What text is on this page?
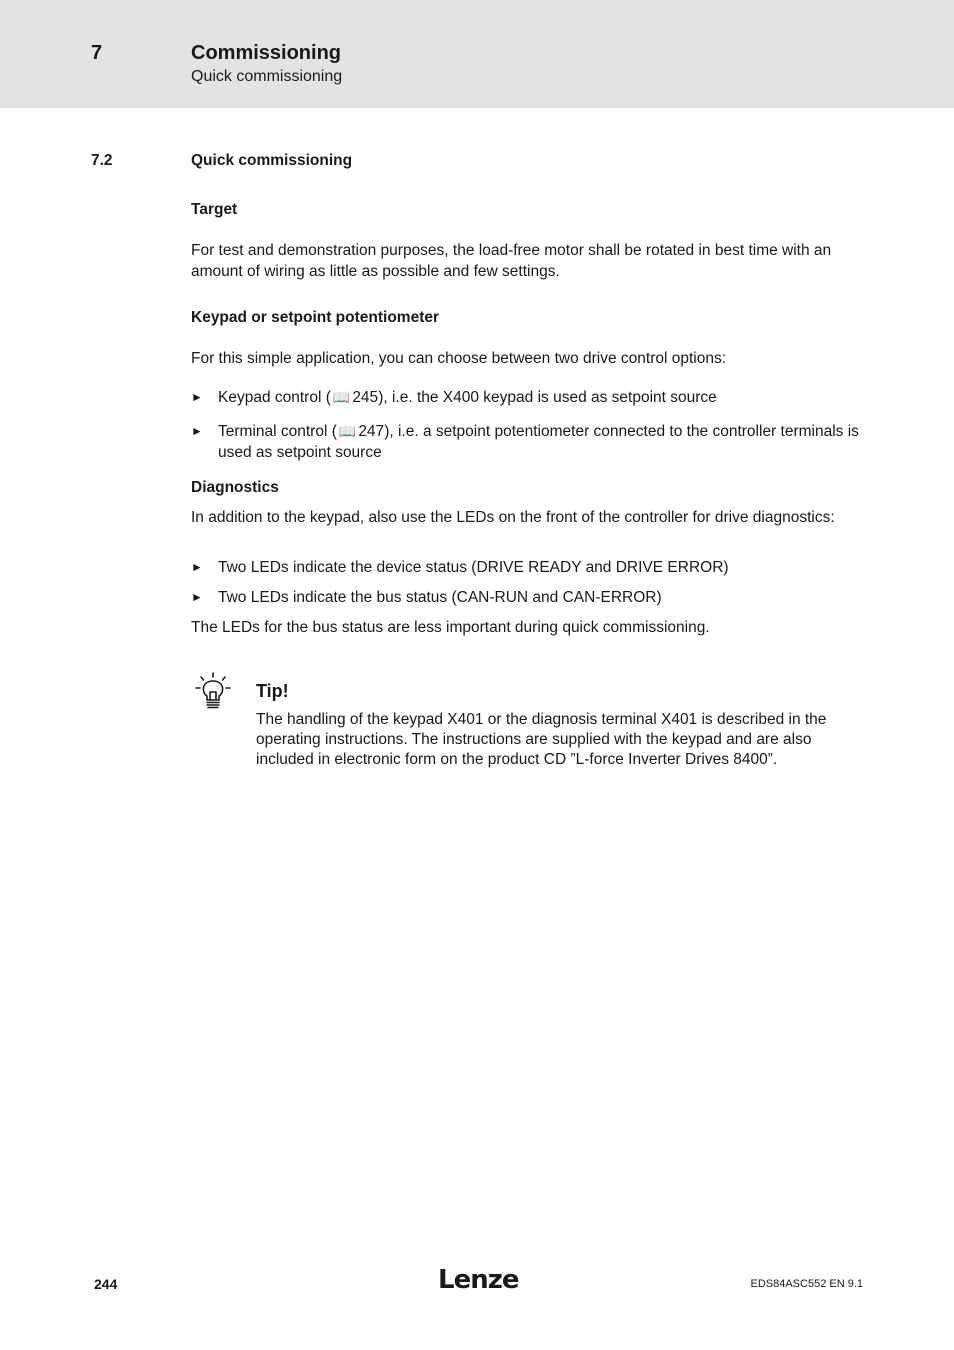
7	Commissioning
Quick commissioning
7.2	Quick commissioning
Target
For test and demonstration purposes, the load-free motor shall be rotated in best time with an amount of wiring as little as possible and few settings.
Keypad or setpoint potentiometer
For this simple application, you can choose between two drive control options:
► Keypad control ( 📖 245), i.e. the X400 keypad is used as setpoint source
► Terminal control ( 📖 247), i.e. a setpoint potentiometer connected to the controller terminals is used as setpoint source
Diagnostics
In addition to the keypad, also use the LEDs on the front of the controller for drive diagnostics:
► Two LEDs indicate the device status (DRIVE READY and DRIVE ERROR)
► Two LEDs indicate the bus status (CAN-RUN and CAN-ERROR)
The LEDs for the bus status are less important during quick commissioning.
Tip!
The handling of the keypad X401 or the diagnosis terminal X401 is described in the operating instructions. The instructions are supplied with the keypad and are also included in electronic form on the product CD ”L-force Inverter Drives 8400”.
244	Lenze	EDS84ASC552 EN 9.1
